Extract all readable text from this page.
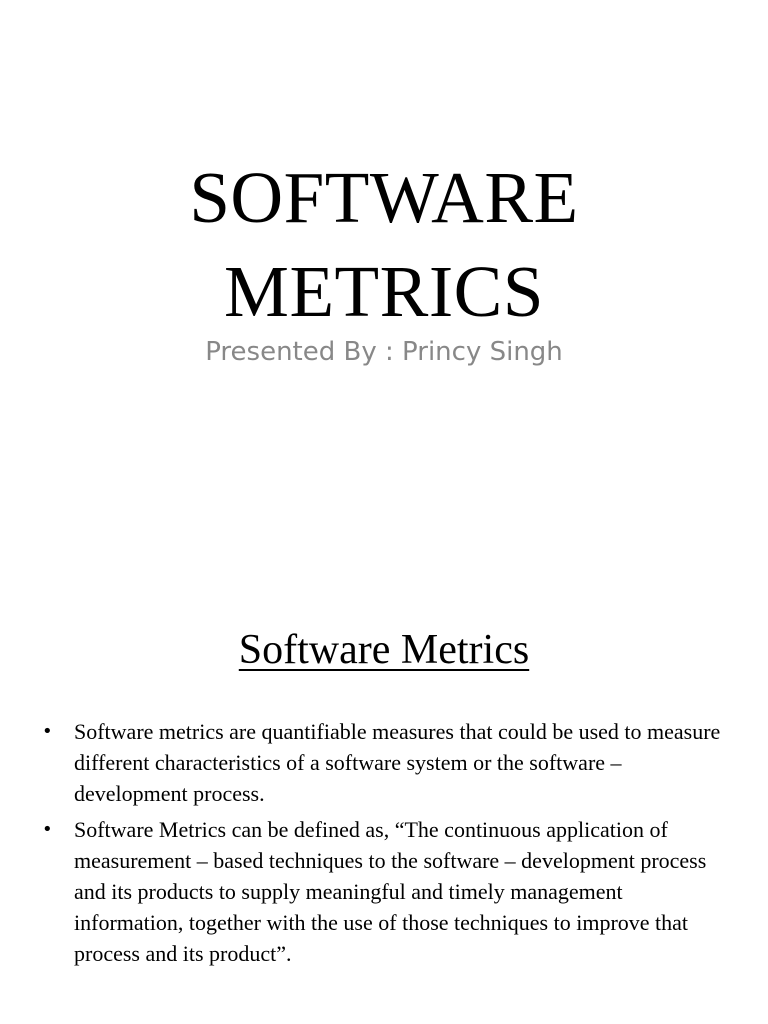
SOFTWARE
METRICS
Presented By : Princy Singh
Software Metrics
• Software metrics are quantifiable measures that could be used to measure different characteristics of a software system or the software – development process.
• Software Metrics can be defined as, “The continuous application of measurement – based techniques to the software – development process and its products to supply meaningful and timely management information, together with the use of those techniques to improve that process and its product”.
